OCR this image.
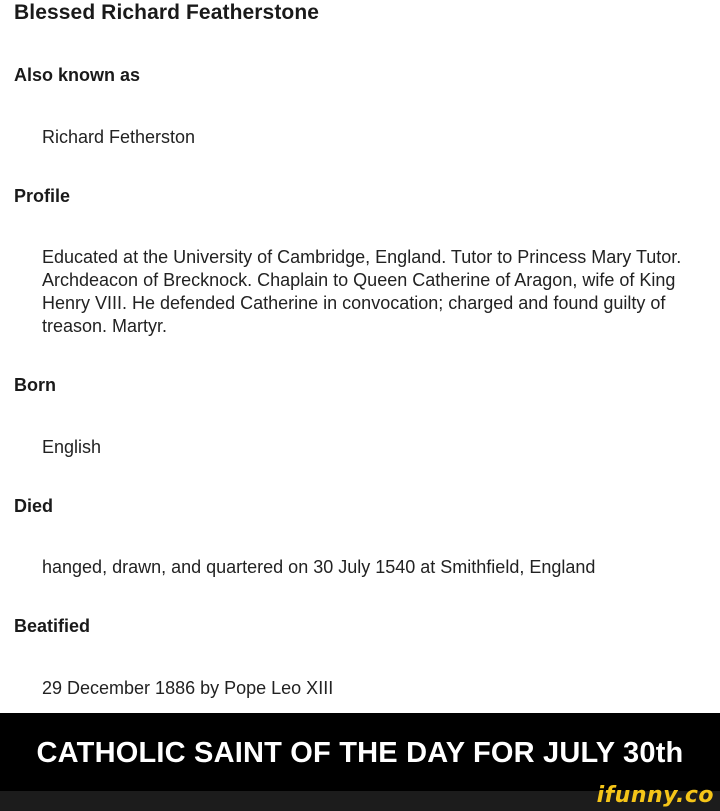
Blessed Richard Featherstone
Also known as
Richard Fetherston
Profile
Educated at the University of Cambridge, England. Tutor to Princess Mary Tutor. Archdeacon of Brecknock. Chaplain to Queen Catherine of Aragon, wife of King Henry VIII. He defended Catherine in convocation; charged and found guilty of treason. Martyr.
Born
English
Died
hanged, drawn, and quartered on 30 July 1540 at Smithfield, England
Beatified
29 December 1886 by Pope Leo XIII
CATHOLIC SAINT OF THE DAY FOR JULY 30th
ifunny.co
